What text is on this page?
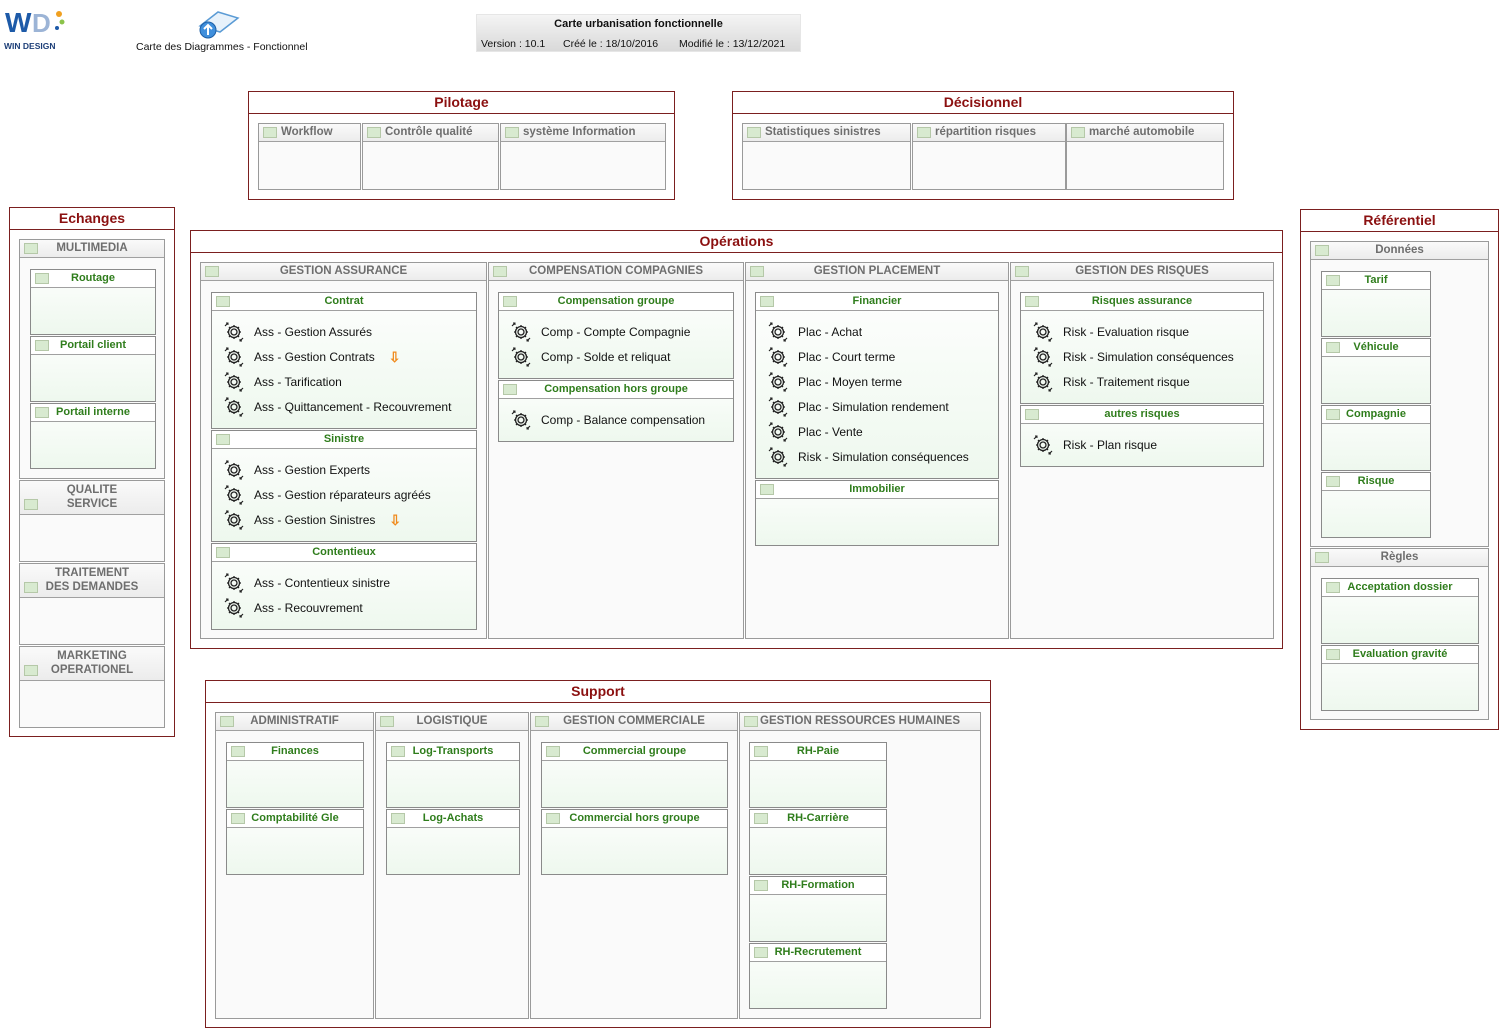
W D
WIN DESIGN	Carte des Diagrammes - Fonctionnel
Carte urbanisation fonctionnelle
Version : 10.1 Créé le : 18/10/2016 Modifié le : 13/12/2021
Pilotage
Workflow	Contrôle qualité	système Information
Décisionnel
Statistiques sinistres	répartition risques	marché automobile
Echanges
MULTIMEDIA
Routage
Portail client
Portail interne
QUALITE
SERVICE
TRAITEMENT
DES DEMANDES
MARKETING
OPERATIONEL
Référentiel
Données
Tarif
Véhicule
Compagnie
Risque
Règles
Acceptation dossier
Evaluation gravité
Opérations
GESTION ASSURANCE
Contrat
Ass - Gestion Assurés
Ass - Gestion Contrats ⇩
Ass - Tarification
Ass - Quittancement - Recouvrement
Sinistre
Ass - Gestion Experts
Ass - Gestion réparateurs agréés
Ass - Gestion Sinistres ⇩
Contentieux
Ass - Contentieux sinistre
Ass - Recouvrement
COMPENSATION COMPAGNIES
Compensation groupe
Comp - Compte Compagnie
Comp - Solde et reliquat
Compensation hors groupe
Comp - Balance compensation
GESTION PLACEMENT
Financier
Plac - Achat
Plac - Court terme
Plac - Moyen terme
Plac - Simulation rendement
Plac - Vente
Risk - Simulation conséquences
Immobilier
GESTION DES RISQUES
Risques assurance
Risk - Evaluation risque
Risk - Simulation conséquences
Risk - Traitement risque
autres risques
Risk - Plan risque
Support
ADMINISTRATIF
Finances
Comptabilité Gle
LOGISTIQUE
Log-Transports
Log-Achats
GESTION COMMERCIALE
Commercial groupe
Commercial hors groupe
GESTION RESSOURCES HUMAINES
RH-Paie
RH-Carrière
RH-Formation
RH-Recrutement
